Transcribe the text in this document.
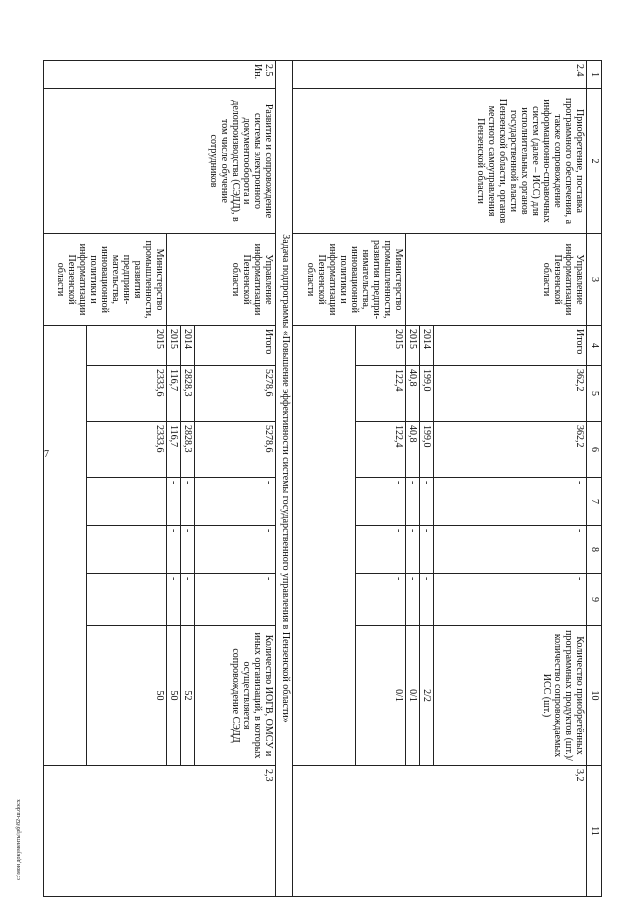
7
c:\мои документы\рб\82-ш.docx
1	2	3	4	5	6	7	8	9	10	11
2.4	Приобретение, поставка программного обеспечения, а также сопровождение информационно-справочных систем (далее – ИСС) для исполнительных органов государственной власти Пензенской области, органов местного самоуправления Пензенской области	Управление информатизации Пензенской области	Итого	362,2	362,2	-	-	-	Количество приобретённых программных продуктов (шт.)/ количество сопровождаемых ИСС (шт.)	3,2
			2014	199,0	199,0	-	-	-	2/2	
			2015	40,8	40,8	-	-	-	0/1	
		Министерство промышленности, развития предпри-нимательства, инновационной политики и информатизации Пензенской области	2015	122,4	122,4	-	-	-	0/1	

Задача подпрограммы «Повышение эффективности системы государственного управления в Пензенской области»										
2.5
Ин.	Развитие и сопровождение системы электронного документооборота и делопроизводства (СЭДД), в том числе обучение сотрудников	Управление информатизации Пензенской области	Итого	5278,6	5278,6	-	-	-	Количество ИОГВ, ОМСУ и иных организаций, в которых осуществляется сопровождение СЭДД	2,3
			2014	2828,3	2828,3	-	-	-	52	
			2015	116,7	116,7	-	-	-	50	
		Министерство промышленности, развития предприни-мательства, инновационной политики и информатизации Пензенской области	2015	2333,6	2333,6				50	
